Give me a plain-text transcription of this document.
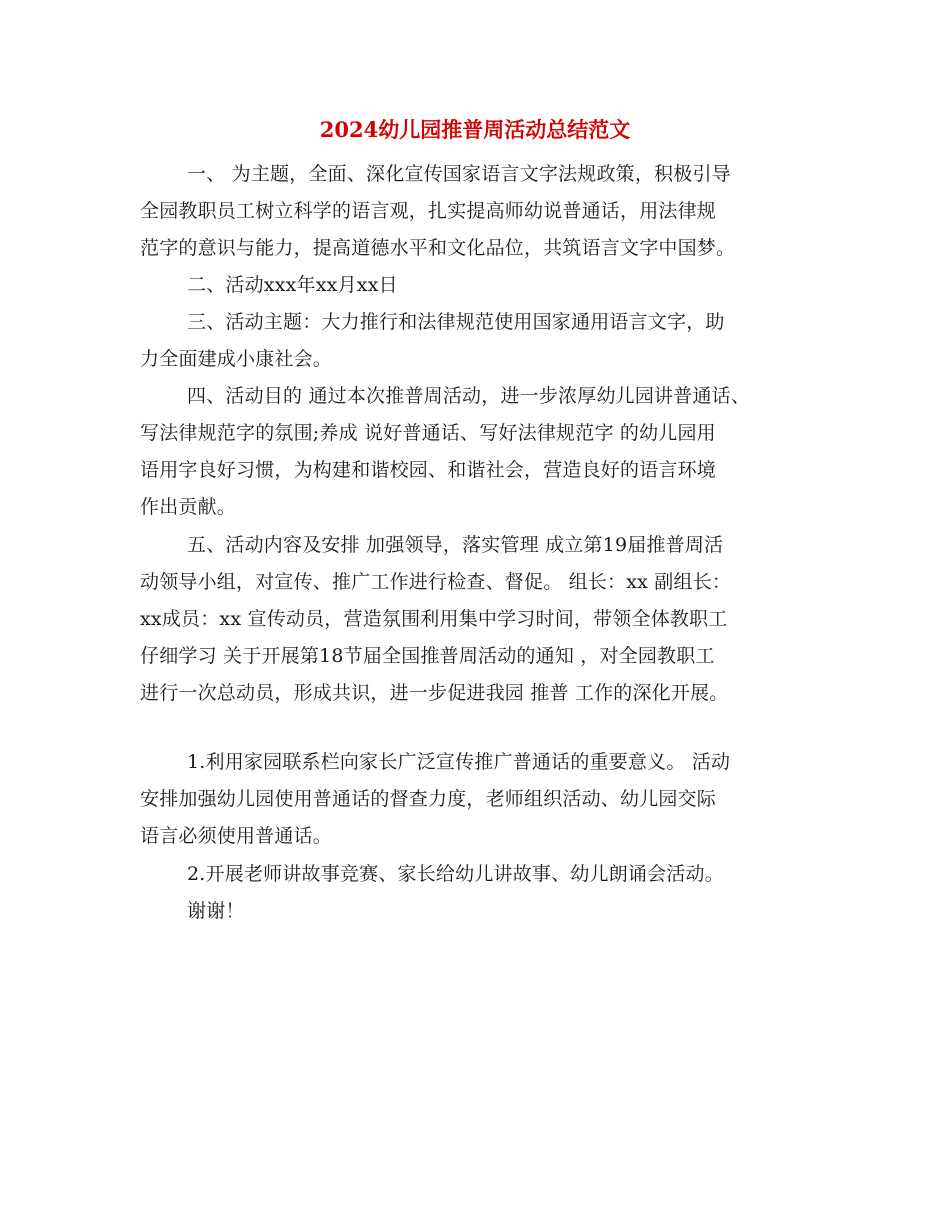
2024幼儿园推普周活动总结范文
一、 为主题，全面、深化宣传国家语言文字法规政策，积极引导
全园教职员工树立科学的语言观，扎实提高师幼说普通话，用法律规
范字的意识与能力，提高道德水平和文化品位，共筑语言文字中国梦。
二、活动xxx年xx月xx日
三、活动主题：大力推行和法律规范使用国家通用语言文字，助
力全面建成小康社会。
四、活动目的 通过本次推普周活动，进一步浓厚幼儿园讲普通话、
写法律规范字的氛围;养成 说好普通话、写好法律规范字 的幼儿园用
语用字良好习惯，为构建和谐校园、和谐社会，营造良好的语言环境
作出贡献。
五、活动内容及安排 加强领导，落实管理 成立第19届推普周活
动领导小组，对宣传、推广工作进行检查、督促。 组长：xx 副组长：
xx成员：xx 宣传动员，营造氛围利用集中学习时间，带领全体教职工
仔细学习 关于开展第18节届全国推普周活动的通知 ，对全园教职工
进行一次总动员，形成共识，进一步促进我园 推普 工作的深化开展。
1.利用家园联系栏向家长广泛宣传推广普通话的重要意义。 活动
安排加强幼儿园使用普通话的督查力度，老师组织活动、幼儿园交际
语言必须使用普通话。
2.开展老师讲故事竞赛、家长给幼儿讲故事、幼儿朗诵会活动。
谢谢！
